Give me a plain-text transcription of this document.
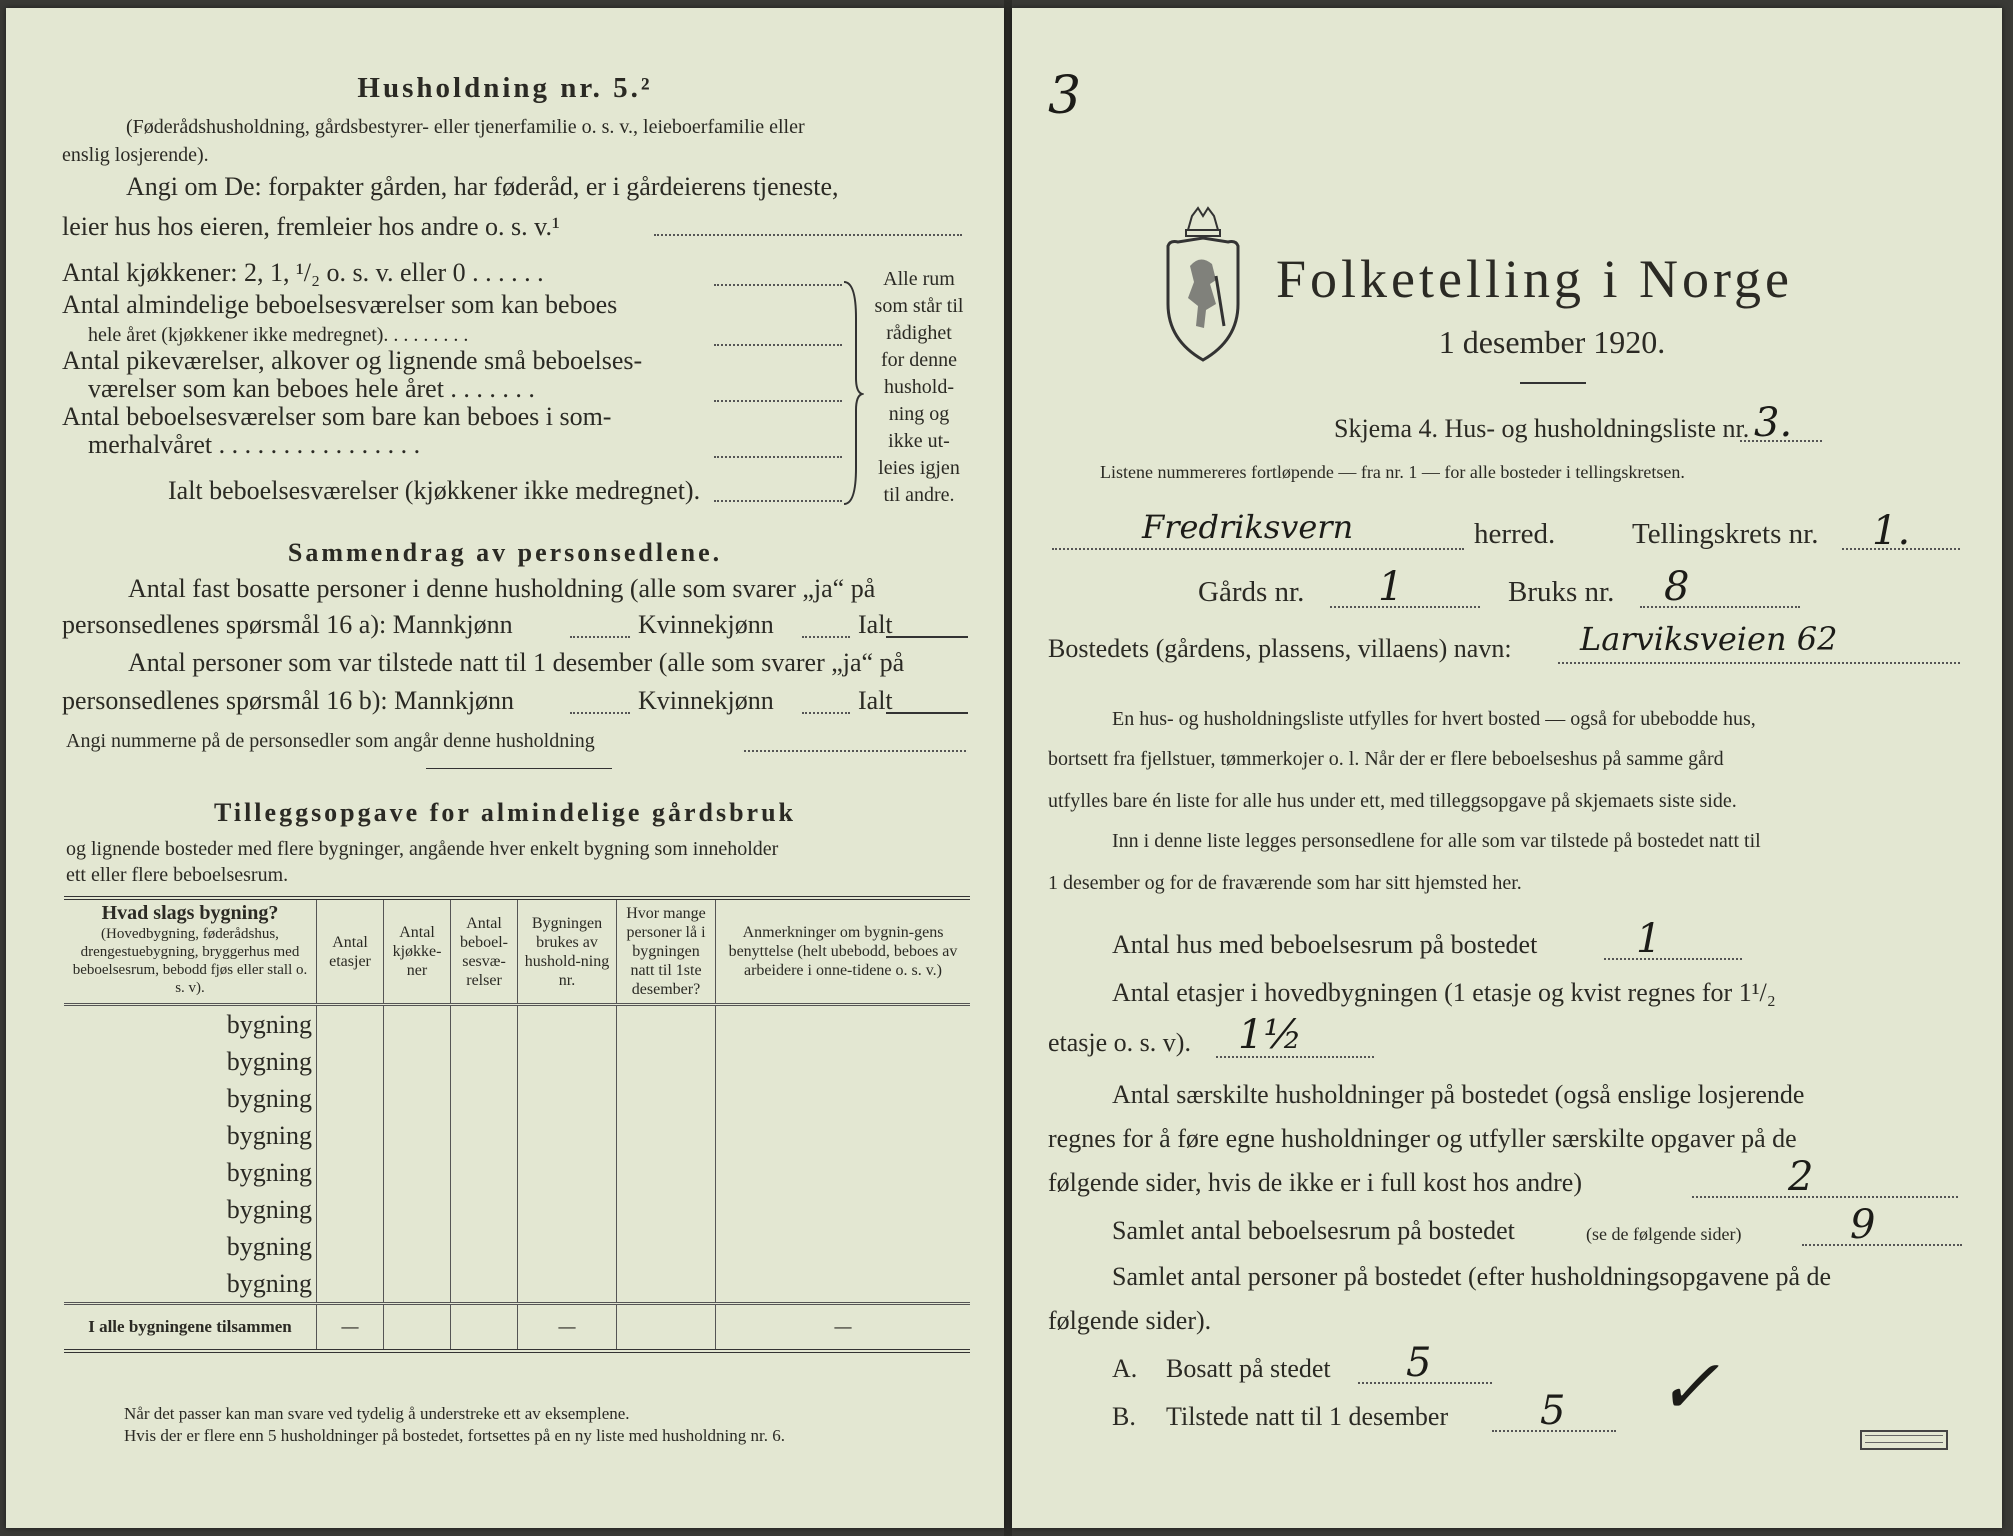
Husholdning nr. 5.²
(Føderådshusholdning, gårdsbestyrer- eller tjenerfamilie o. s. v., leieboerfamilie eller
enslig losjerende).
Angi om De: forpakter gården, har føderåd, er i gårdeierens tjeneste,
leier hus hos eieren, fremleier hos andre o. s. v.¹
Antal kjøkkener: 2, 1, ¹/₂ o. s. v. eller 0 . . . . . .
Antal almindelige beboelsesværelser som kan beboes
hele året (kjøkkener ikke medregnet). . . . . . . . .
Antal pikeværelser, alkover og lignende små beboelses-
værelser som kan beboes hele året . . . . . . .
Antal beboelsesværelser som bare kan beboes i som-
merhalvåret . . . . . . . . . . . . . . . .
Ialt beboelsesværelser (kjøkkener ikke medregnet).
Alle rum
som står til
rådighet
for denne
hushold-
ning og
ikke ut-
leies igjen
til andre.
Sammendrag av personsedlene.
Antal fast bosatte personer i denne husholdning (alle som svarer „ja“ på
personsedlenes spørsmål 16 a): Mannkjønn	Kvinnekjønn	Ialt
Antal personer som var tilstede natt til 1 desember (alle som svarer „ja“ på
personsedlenes spørsmål 16 b): Mannkjønn	Kvinnekjønn	Ialt
Angi nummerne på de personsedler som angår denne husholdning
Tilleggsopgave for almindelige gårdsbruk
og lignende bosteder med flere bygninger, angående hver enkelt bygning som inneholder
ett eller flere beboelsesrum.
Hvad slags bygning?
(Hovedbygning, føderådshus, drengestuebygning, bryggerhus med beboelsesrum, bebodd fjøs eller stall o. s. v).	Antal etasjer	Antal kjøkke-ner	Antal beboel-sesvæ-relser	Bygningen brukes av hushold-ning nr.	Hvor mange personer lå i bygningen natt til 1ste desember?	Anmerkninger om bygnin-gens benyttelse (helt ubebodd, beboes av arbeidere i onne-tidene o. s. v.)
bygning						
bygning						
bygning						
bygning						
bygning						
bygning						
bygning						
bygning						
I alle bygningene tilsammen	—			—		—
Når det passer kan man svare ved tydelig å understreke ett av eksemplene.
Hvis der er flere enn 5 husholdninger på bostedet, fortsettes på en ny liste med husholdning nr. 6.
3
Folketelling i Norge
1 desember 1920.
Skjema 4. Hus- og husholdningsliste nr. 3.
Listene nummereres fortløpende — fra nr. 1 — for alle bosteder i tellingskretsen.
Fredriksvern	herred.	Tellingskrets nr. 1.
Gårds nr. 1	Bruks nr. 8
Bostedets (gårdens, plassens, villaens) navn: Larviksveien 62
En hus- og husholdningsliste utfylles for hvert bosted — også for ubebodde hus,
bortsett fra fjellstuer, tømmerkojer o. l. Når der er flere beboelseshus på samme gård
utfylles bare én liste for alle hus under ett, med tilleggsopgave på skjemaets siste side.
Inn i denne liste legges personsedlene for alle som var tilstede på bostedet natt til
1 desember og for de fraværende som har sitt hjemsted her.
Antal hus med beboelsesrum på bostedet 1
Antal etasjer i hovedbygningen (1 etasje og kvist regnes for 1¹/₂
etasje o. s. v). 1½
Antal særskilte husholdninger på bostedet (også enslige losjerende
regnes for å føre egne husholdninger og utfyller særskilte opgaver på de
følgende sider, hvis de ikke er i full kost hos andre)	2
Samlet antal beboelsesrum på bostedet	(se de følgende sider)	9
Samlet antal personer på bostedet (efter husholdningsopgavene på de
følgende sider).
A. Bosatt på stedet 5
B. Tilstede natt til 1 desember 5 ✓
